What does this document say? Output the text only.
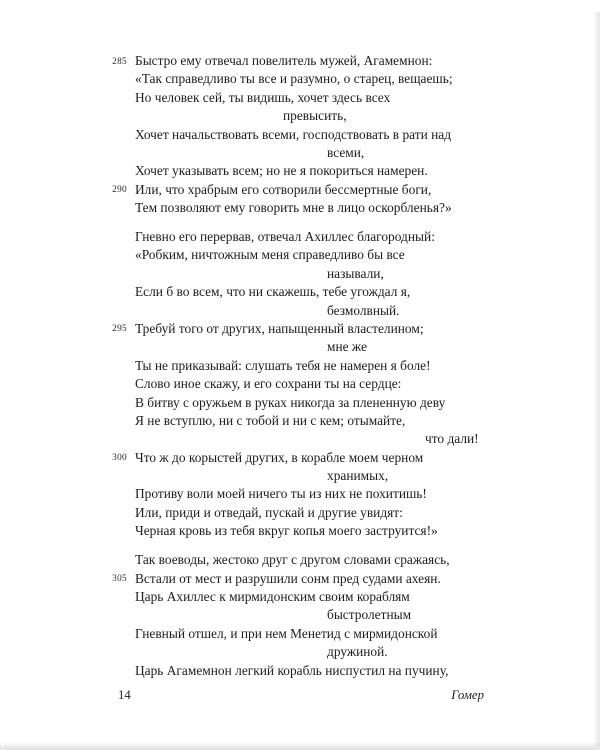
285 Быстро ему отвечал повелитель мужей, Агамемнон:
«Так справедливо ты все и разумно, о старец, вещаешь;
Но человек сей, ты видишь, хочет здесь всех
превысить,
Хочет начальствовать всеми, господствовать в рати над
всеми,
Хочет указывать всем; но не я покориться намерен.
290 Или, что храбрым его сотворили бессмертные боги,
Тем позволяют ему говорить мне в лицо оскорбленья?»
Гневно его перервав, отвечал Ахиллес благородный:
«Робким, ничтожным меня справедливо бы все
называли,
Если б во всем, что ни скажешь, тебе угождал я,
безмолвный.
295 Требуй того от других, напыщенный властелином;
мне же
Ты не приказывай: слушать тебя не намерен я боле!
Слово иное скажу, и его сохрани ты на сердце:
В битву с оружьем в руках никогда за плененную деву
Я не вступлю, ни с тобой и ни с кем; отымайте,
что дали!
300 Что ж до корыстей других, в корабле моем черном
хранимых,
Противу воли моей ничего ты из них не похитишь!
Или, приди и отведай, пускай и другие увидят:
Черная кровь из тебя вкруг копья моего заструится!»
Так воеводы, жестоко друг с другом словами сражаясь,
305 Встали от мест и разрушили сонм пред судами ахеян.
Царь Ахиллес к мирмидонским своим кораблям
быстролетным
Гневный отшел, и при нем Менетид с мирмидонской
дружиной.
Царь Агамемнон легкий корабль ниспустил на пучину,
14	Гомер
